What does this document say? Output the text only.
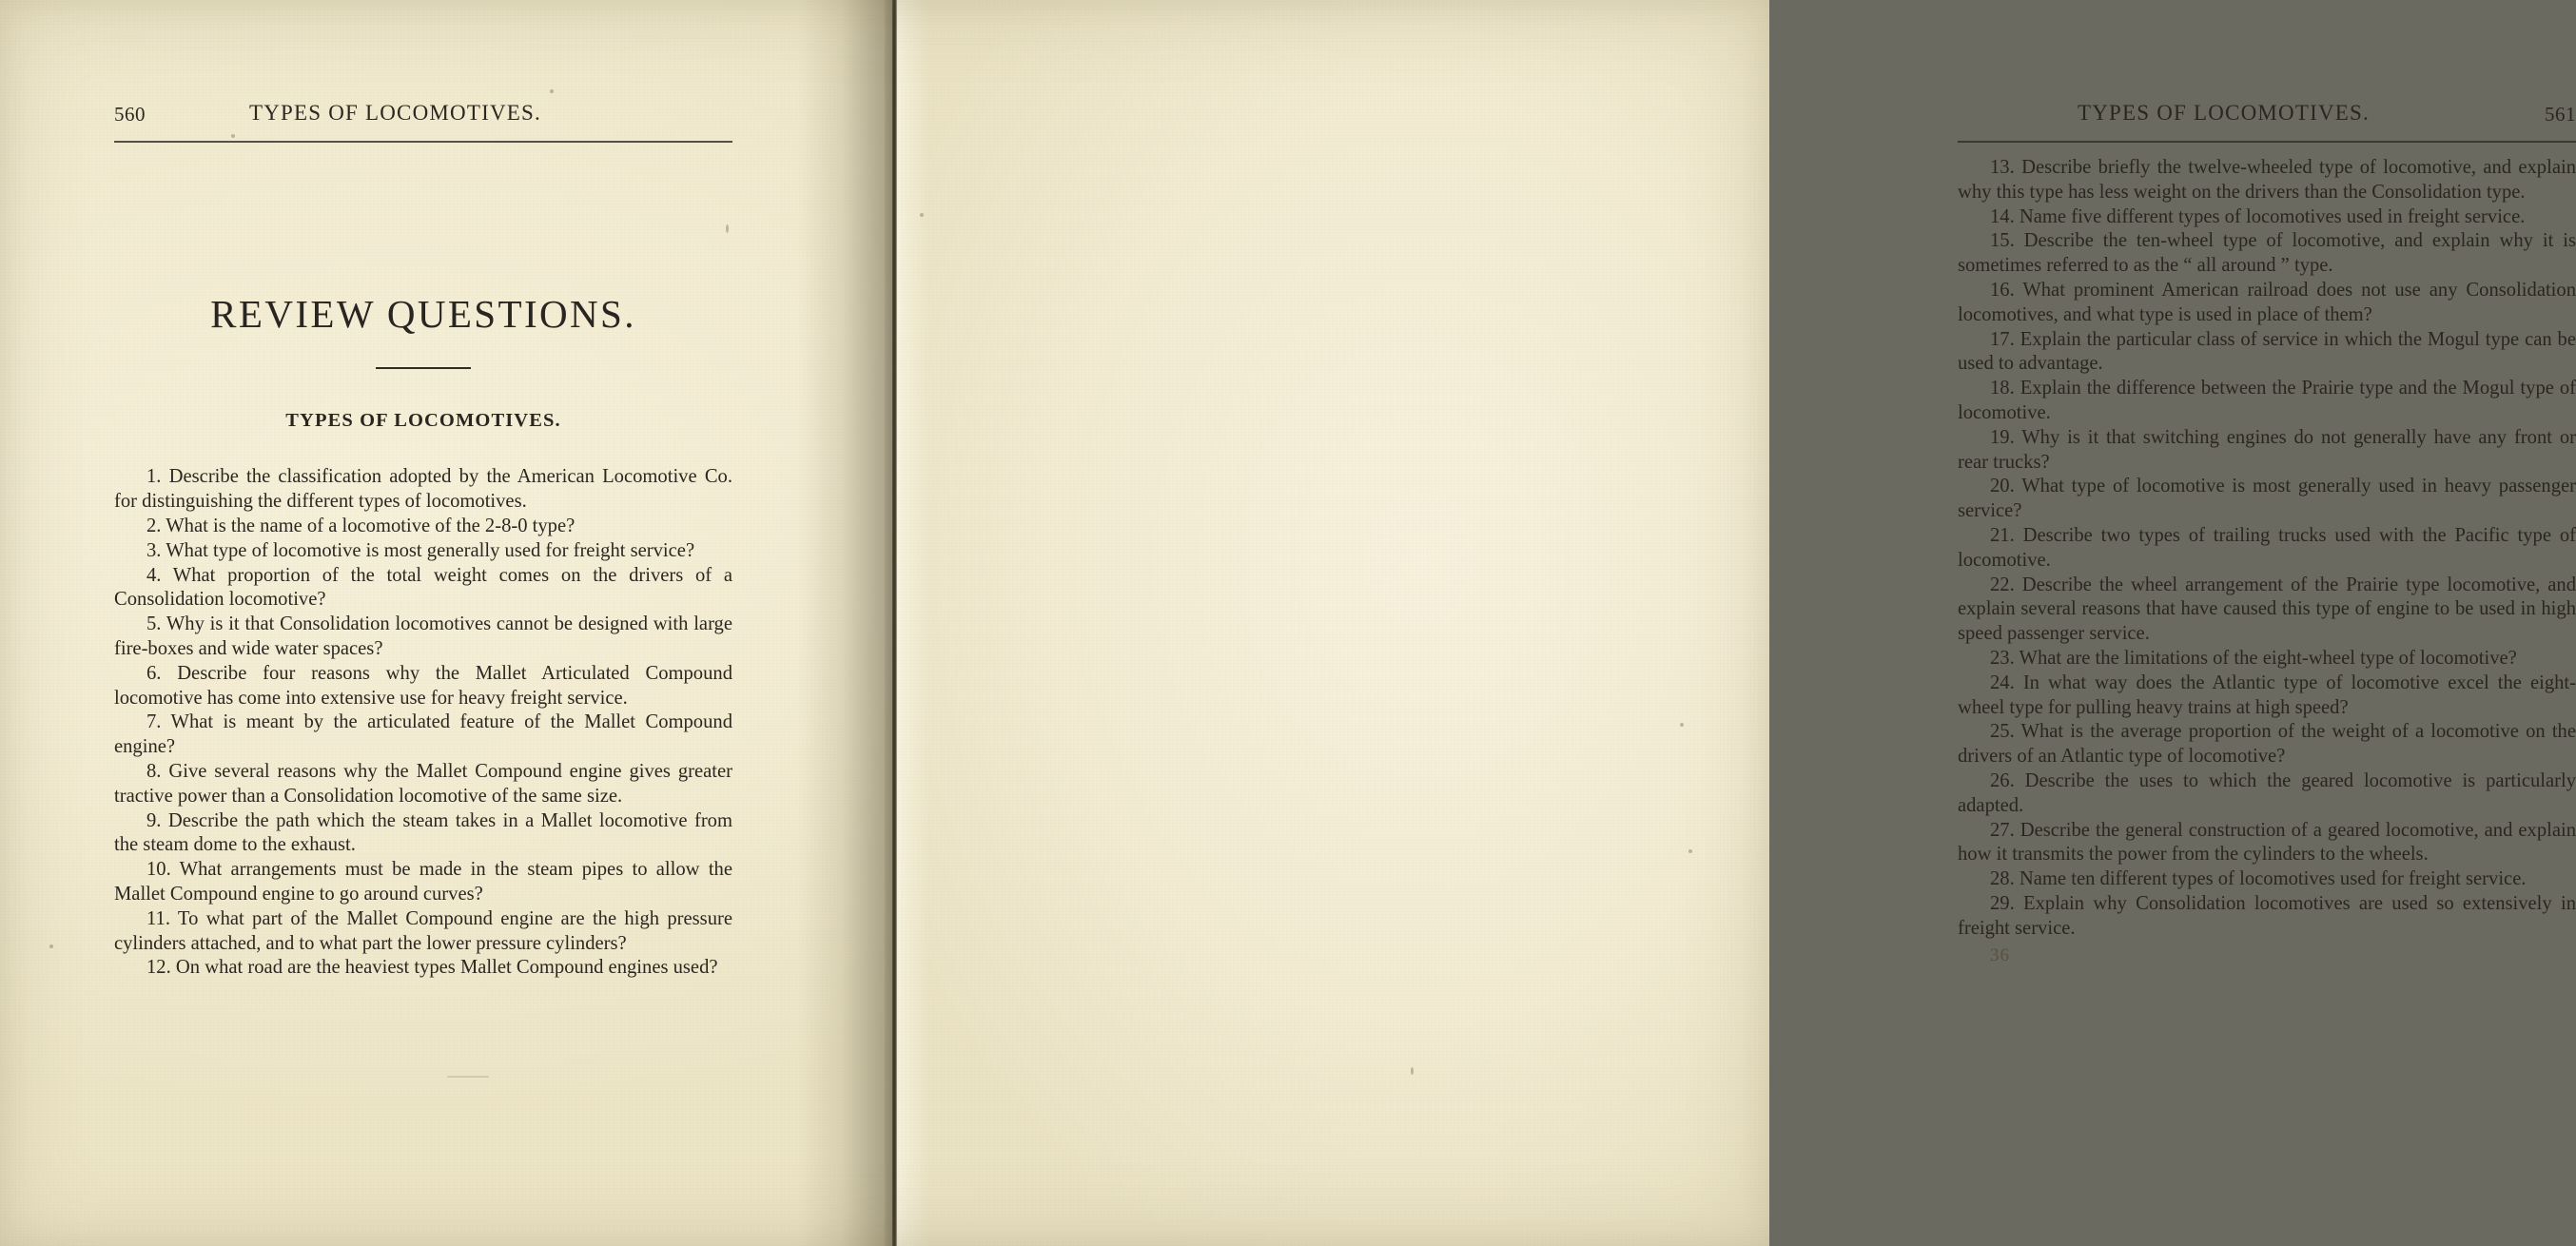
560	TYPES OF LOCOMOTIVES.
REVIEW QUESTIONS.
TYPES OF LOCOMOTIVES.
1. Describe the classification adopted by the American Locomotive Co. for distinguishing the different types of locomotives.
2. What is the name of a locomotive of the 2-8-0 type?
3. What type of locomotive is most generally used for freight service?
4. What proportion of the total weight comes on the drivers of a Consolidation locomotive?
5. Why is it that Consolidation locomotives cannot be designed with large fire-boxes and wide water spaces?
6. Describe four reasons why the Mallet Articulated Compound locomotive has come into extensive use for heavy freight service.
7. What is meant by the articulated feature of the Mallet Compound engine?
8. Give several reasons why the Mallet Compound engine gives greater tractive power than a Consolidation locomotive of the same size.
9. Describe the path which the steam takes in a Mallet locomotive from the steam dome to the exhaust.
10. What arrangements must be made in the steam pipes to allow the Mallet Compound engine to go around curves?
11. To what part of the Mallet Compound engine are the high pressure cylinders attached, and to what part the lower pressure cylinders?
12. On what road are the heaviest types Mallet Compound engines used?
TYPES OF LOCOMOTIVES.	561
13. Describe briefly the twelve-wheeled type of locomotive, and explain why this type has less weight on the drivers than the Consolidation type.
14. Name five different types of locomotives used in freight service.
15. Describe the ten-wheel type of locomotive, and explain why it is sometimes referred to as the “ all around ” type.
16. What prominent American railroad does not use any Consolidation locomotives, and what type is used in place of them?
17. Explain the particular class of service in which the Mogul type can be used to advantage.
18. Explain the difference between the Prairie type and the Mogul type of locomotive.
19. Why is it that switching engines do not generally have any front or rear trucks?
20. What type of locomotive is most generally used in heavy passenger service?
21. Describe two types of trailing trucks used with the Pacific type of locomotive.
22. Describe the wheel arrangement of the Prairie type locomotive, and explain several reasons that have caused this type of engine to be used in high speed passenger service.
23. What are the limitations of the eight-wheel type of locomotive?
24. In what way does the Atlantic type of locomotive excel the eight-wheel type for pulling heavy trains at high speed?
25. What is the average proportion of the weight of a locomotive on the drivers of an Atlantic type of locomotive?
26. Describe the uses to which the geared locomotive is particularly adapted.
27. Describe the general construction of a geared locomotive, and explain how it transmits the power from the cylinders to the wheels.
28. Name ten different types of locomotives used for freight service.
29. Explain why Consolidation locomotives are used so extensively in freight service.
36
